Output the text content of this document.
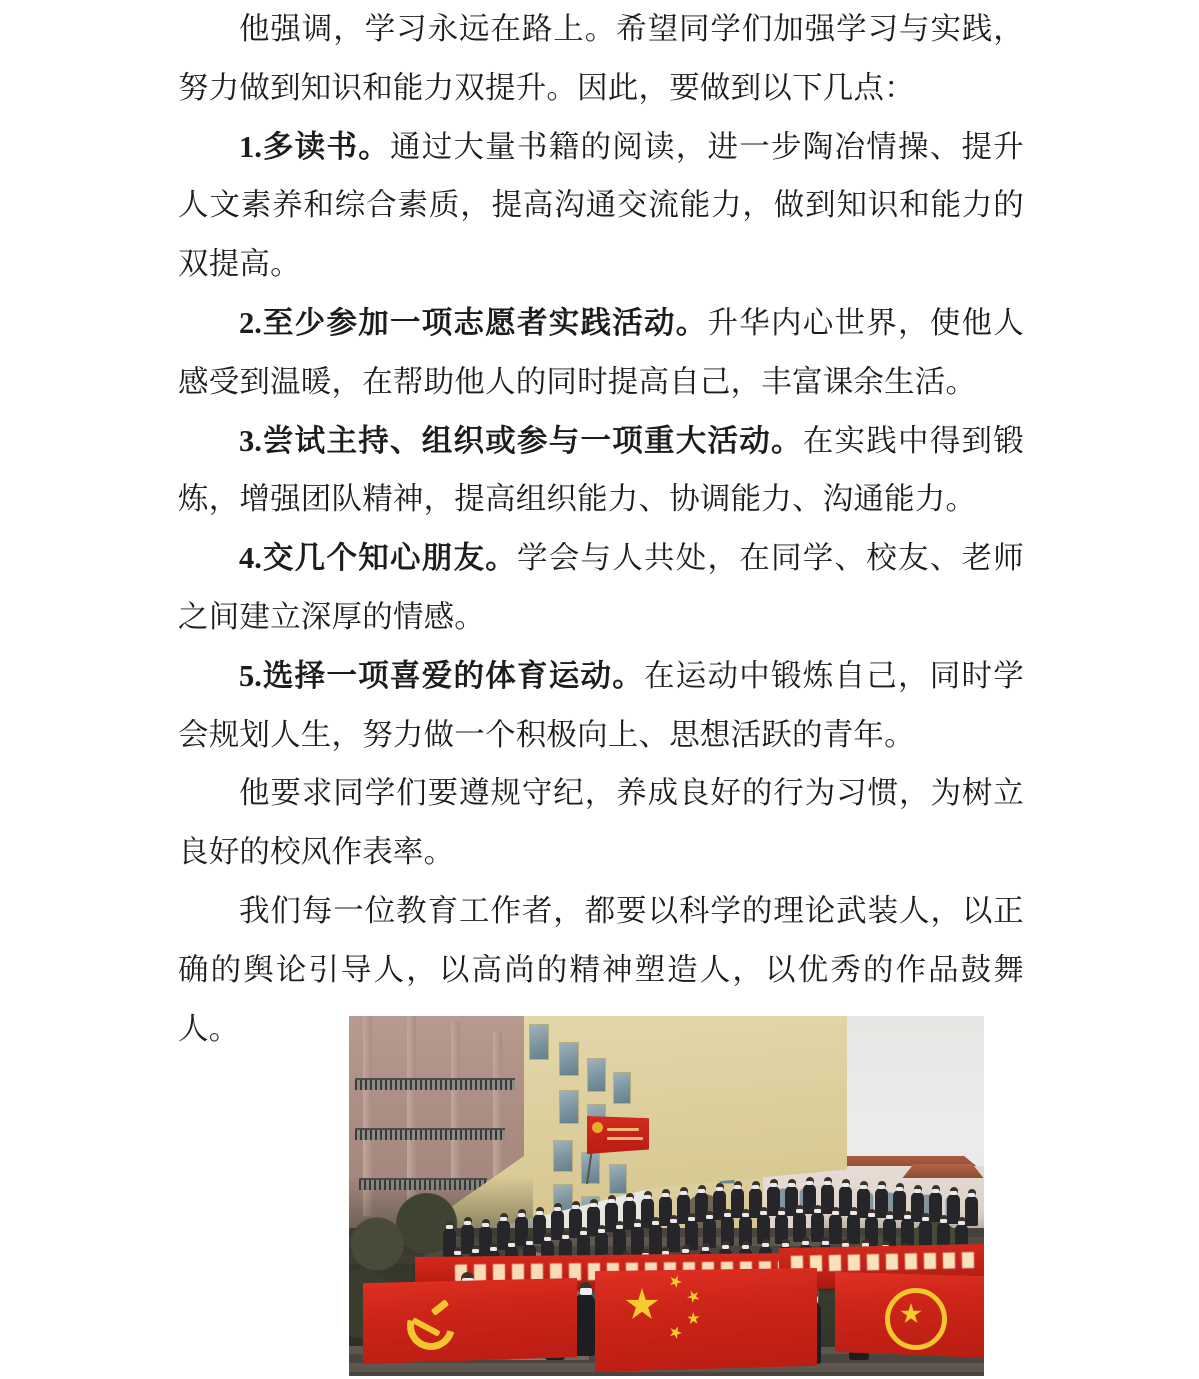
他强调，学习永远在路上。希望同学们加强学习与实践，努力做到知识和能力双提升。因此，要做到以下几点：

1.多读书。通过大量书籍的阅读，进一步陶冶情操、提升人文素养和综合素质，提高沟通交流能力，做到知识和能力的双提高。

2.至少参加一项志愿者实践活动。升华内心世界，使他人感受到温暖，在帮助他人的同时提高自己，丰富课余生活。

3.尝试主持、组织或参与一项重大活动。在实践中得到锻炼，增强团队精神，提高组织能力、协调能力、沟通能力。

4.交几个知心朋友。学会与人共处，在同学、校友、老师之间建立深厚的情感。

5.选择一项喜爱的体育运动。在运动中锻炼自己，同时学会规划人生，努力做一个积极向上、思想活跃的青年。

他要求同学们要遵规守纪，养成良好的行为习惯，为树立良好的校风作表率。

我们每一位教育工作者，都要以科学的理论武装人，以正确的舆论引导人，以高尚的精神塑造人，以优秀的作品鼓舞人。
